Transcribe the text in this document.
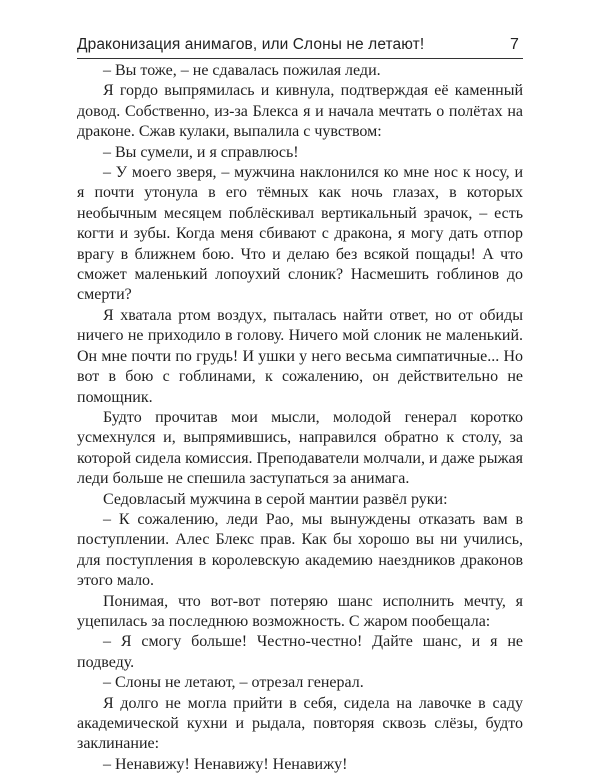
Драконизация анимагов, или Слоны не летают!	7

– Вы тоже, – не сдавалась пожилая леди.

Я гордо выпрямилась и кивнула, подтверждая её каменный довод. Собственно, из-за Блекса я и начала мечтать о полётах на драконе. Сжав кулаки, выпалила с чувством:

– Вы сумели, и я справлюсь!

– У моего зверя, – мужчина наклонился ко мне нос к носу, и я почти утонула в его тёмных как ночь глазах, в которых необычным месяцем поблёскивал вертикальный зрачок, – есть когти и зубы. Когда меня сбивают с дракона, я могу дать отпор врагу в ближнем бою. Что и делаю без всякой пощады! А что сможет маленький лопоухий слоник? Насмешить гоблинов до смерти?

Я хватала ртом воздух, пыталась найти ответ, но от обиды ничего не приходило в голову. Ничего мой слоник не маленький. Он мне почти по грудь! И ушки у него весьма симпатичные... Но вот в бою с гоблинами, к сожалению, он действительно не помощник.

Будто прочитав мои мысли, молодой генерал коротко усмехнулся и, выпрямившись, направился обратно к столу, за которой сидела комиссия. Преподаватели молчали, и даже рыжая леди больше не спешила заступаться за анимага.

Седовласый мужчина в серой мантии развёл руки:

– К сожалению, леди Рао, мы вынуждены отказать вам в поступлении. Алес Блекс прав. Как бы хорошо вы ни учились, для поступления в королевскую академию наездников драконов этого мало.

Понимая, что вот-вот потеряю шанс исполнить мечту, я уцепилась за последнюю возможность. С жаром пообещала:

– Я смогу больше! Честно-честно! Дайте шанс, и я не подведу.

– Слоны не летают, – отрезал генерал.

Я долго не могла прийти в себя, сидела на лавочке в саду академической кухни и рыдала, повторяя сквозь слёзы, будто заклинание:

– Ненавижу! Ненавижу! Ненавижу!
